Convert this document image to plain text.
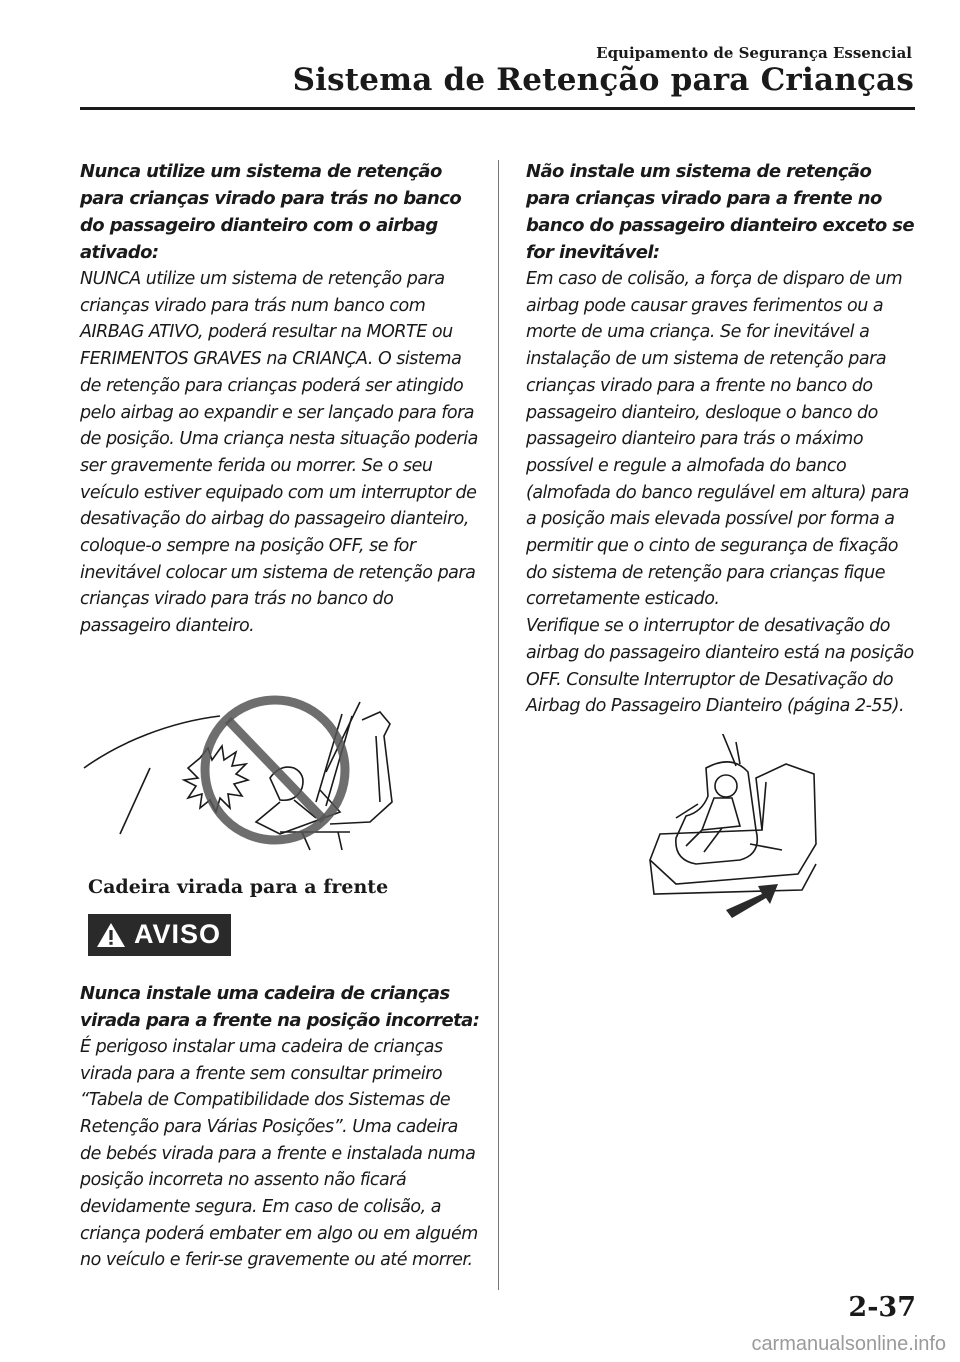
Equipamento de Segurança Essencial
Sistema de Retenção para Crianças

Nunca utilize um sistema de retenção para crianças virado para trás no banco do passageiro dianteiro com o airbag ativado:

NUNCA utilize um sistema de retenção para crianças virado para trás num banco com AIRBAG ATIVO, poderá resultar na MORTE ou FERIMENTOS GRAVES na CRIANÇA. O sistema de retenção para crianças poderá ser atingido pelo airbag ao expandir e ser lançado para fora de posição. Uma criança nesta situação poderia ser gravemente ferida ou morrer. Se o seu veículo estiver equipado com um interruptor de desativação do airbag do passageiro dianteiro, coloque-o sempre na posição OFF, se for inevitável colocar um sistema de retenção para crianças virado para trás no banco do passageiro dianteiro.

Cadeira virada para a frente
AVISO

Nunca instale uma cadeira de crianças virada para a frente na posição incorreta:

É perigoso instalar uma cadeira de crianças virada para a frente sem consultar primeiro “Tabela de Compatibilidade dos Sistemas de Retenção para Várias Posições”. Uma cadeira de bebés virada para a frente e instalada numa posição incorreta no assento não ficará devidamente segura. Em caso de colisão, a criança poderá embater em algo ou em alguém no veículo e ferir-se gravemente ou até morrer.

Não instale um sistema de retenção para crianças virado para a frente no banco do passageiro dianteiro exceto se for inevitável:

Em caso de colisão, a força de disparo de um airbag pode causar graves ferimentos ou a morte de uma criança. Se for inevitável a instalação de um sistema de retenção para crianças virado para a frente no banco do passageiro dianteiro, desloque o banco do passageiro dianteiro para trás o máximo possível e regule a almofada do banco (almofada do banco regulável em altura) para a posição mais elevada possível por forma a permitir que o cinto de segurança de fixação do sistema de retenção para crianças fique corretamente esticado.

Verifique se o interruptor de desativação do airbag do passageiro dianteiro está na posição OFF. Consulte Interruptor de Desativação do Airbag do Passageiro Dianteiro (página 2-55).

2-37
carmanualsonline.info
